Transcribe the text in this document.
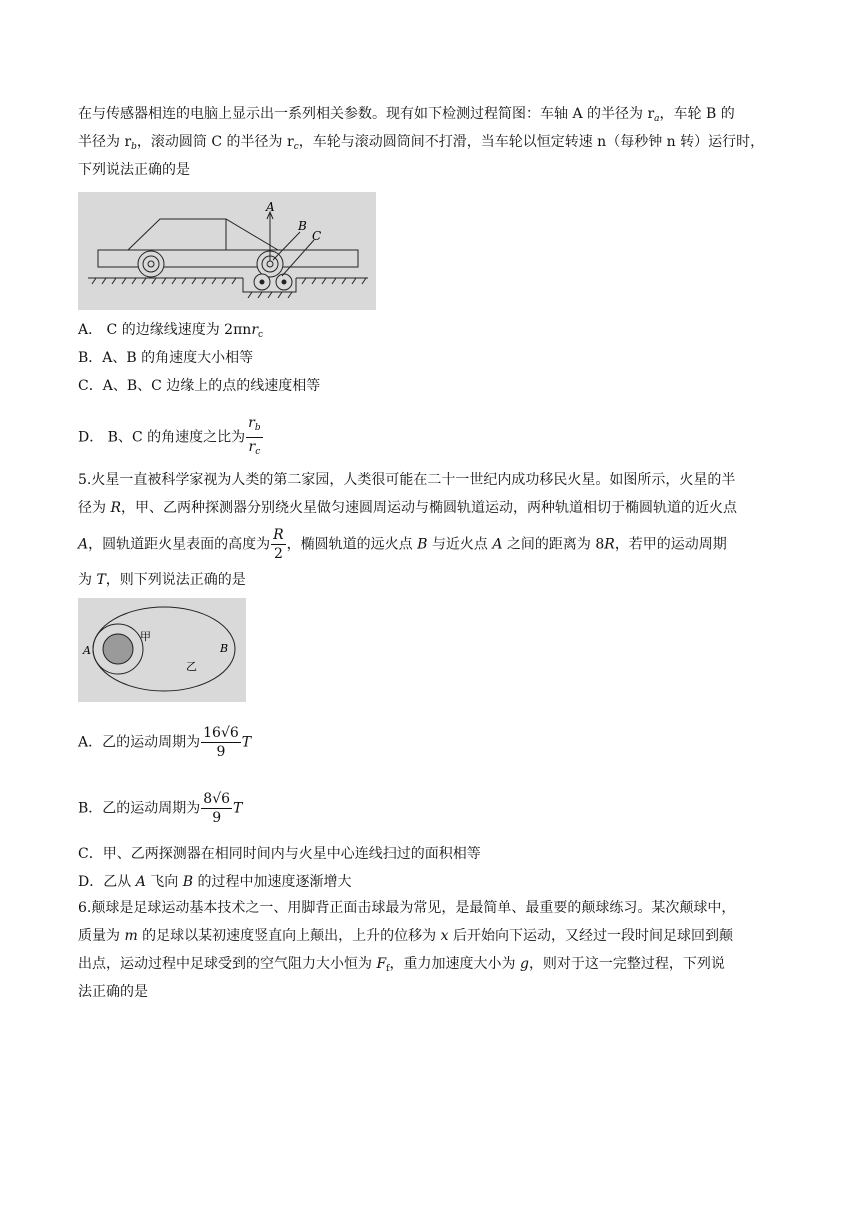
在与传感器相连的电脑上显示出一系列相关参数。现有如下检测过程简图：车轴 A 的半径为 $r_a$，车轮 B 的
半径为 $r_b$，滚动圆筒 C 的半径为 $r_c$，车轮与滚动圆筒间不打滑，当车轮以恒定转速 n（每秒钟 n 转）运行时，
下列说法正确的是
A
B
C
A． C 的边缘线速度为 2πnr$_c$
B．A、B 的角速度大小相等
C．A、B、C 边缘上的点的线速度相等
D． B、C 的角速度之比为 $\frac{r_b}{r_c}$
5.火星一直被科学家视为人类的第二家园，人类很可能在二十一世纪内成功移民火星。如图所示，火星的半
径为 R，甲、乙两种探测器分别绕火星做匀速圆周运动与椭圆轨道运动，两种轨道相切于椭圆轨道的近火点
A，圆轨道距火星表面的高度为 $\frac{R}{2}$ ，椭圆轨道的远火点 B 与近火点 A 之间的距离为 8R，若甲的运动周期
为 T，则下列说法正确的是
A	B
甲
乙
A．乙的运动周期为 $\frac{16√6}{9}$ T
B．乙的运动周期为 $\frac{8√6}{9}$ T
C．甲、乙两探测器在相同时间内与火星中心连线扫过的面积相等
D．乙从 A 飞向 B 的过程中加速度逐渐增大
6.颠球是足球运动基本技术之一、用脚背正面击球最为常见，是最简单、最重要的颠球练习。某次颠球中，
质量为 m 的足球以某初速度竖直向上颠出，上升的位移为 x 后开始向下运动，又经过一段时间足球回到颠
出点，运动过程中足球受到的空气阻力大小恒为 $F_f$，重力加速度大小为 g，则对于这一完整过程，下列说
法正确的是
